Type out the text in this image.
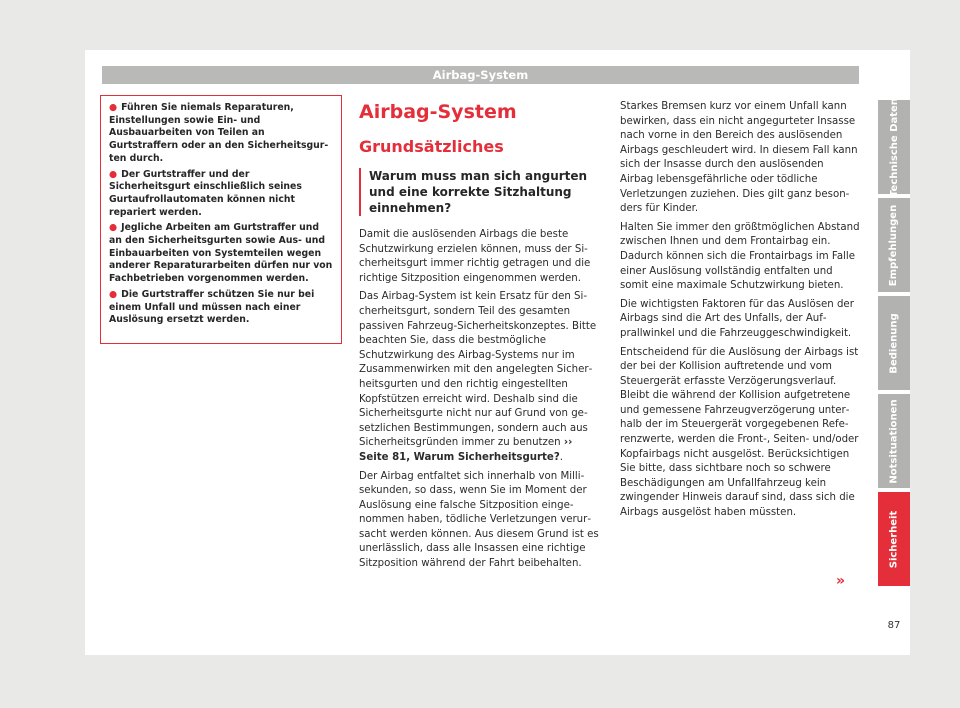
Airbag-System

● Führen Sie niemals Reparaturen, Einstellungen sowie Ein- und Ausbauarbeiten von Teilen an Gurtstraffern oder an den Sicherheitsgurten durch.

● Der Gurtstraffer und der Sicherheitsgurt einschließlich seines Gurtaufrollautomaten können nicht repariert werden.

● Jegliche Arbeiten am Gurtstraffer und an den Sicherheitsgurten sowie Aus- und Einbauarbeiten von Systemteilen wegen anderer Reparaturarbeiten dürfen nur von Fachbetrieben vorgenommen werden.

● Die Gurtstraffer schützen Sie nur bei einem Unfall und müssen nach einer Auslösung ersetzt werden.

Airbag-System
Grundsätzliches
Warum muss man sich angurten und eine korrekte Sitzhaltung einnehmen?

Damit die auslösenden Airbags die beste Schutzwirkung erzielen können, muss der Sicherheitsgurt immer richtig getragen und die richtige Sitzposition eingenommen werden.

Das Airbag-System ist kein Ersatz für den Sicherheitsgurt, sondern Teil des gesamten passiven Fahrzeug-Sicherheitskonzeptes. Bitte beachten Sie, dass die bestmögliche Schutzwirkung des Airbag-Systems nur im Zusammenwirken mit den angelegten Sicherheitsgurten und den richtig eingestellten Kopfstützen erreicht wird. Deshalb sind die Sicherheitsgurte nicht nur auf Grund von gesetzlichen Bestimmungen, sondern auch aus Sicherheitsgründen immer zu benutzen ›› Seite 81, Warum Sicherheitsgurte?.

Der Airbag entfaltet sich innerhalb von Millisekunden, so dass, wenn Sie im Moment der Auslösung eine falsche Sitzposition eingenommen haben, tödliche Verletzungen verursacht werden können. Aus diesem Grund ist es unerlässlich, dass alle Insassen eine richtige Sitzposition während der Fahrt beibehalten.

Starkes Bremsen kurz vor einem Unfall kann bewirken, dass ein nicht angegurteter Insasse nach vorne in den Bereich des auslösenden Airbags geschleudert wird. In diesem Fall kann sich der Insasse durch den auslösenden Airbag lebensgefährliche oder tödliche Verletzungen zuziehen. Dies gilt ganz besonders für Kinder.

Halten Sie immer den größtmöglichen Abstand zwischen Ihnen und dem Frontairbag ein. Dadurch können sich die Frontairbags im Falle einer Auslösung vollständig entfalten und somit eine maximale Schutzwirkung bieten.

Die wichtigsten Faktoren für das Auslösen der Airbags sind die Art des Unfalls, der Aufprallwinkel und die Fahrzeuggeschwindigkeit.

Entscheidend für die Auslösung der Airbags ist der bei der Kollision auftretende und vom Steuergerät erfasste Verzögerungsverlauf. Bleibt die während der Kollision aufgetretene und gemessene Fahrzeugverzögerung unterhalb der im Steuergerät vorgegebenen Referenzwerte, werden die Front-, Seiten- und/oder Kopfairbags nicht ausgelöst. Berücksichtigen Sie bitte, dass sichtbare noch so schwere Beschädigungen am Unfallfahrzeug kein zwingender Hinweis darauf sind, dass sich die Airbags ausgelöst haben müssten.

»
Technische Daten
Empfehlungen
Bedienung
Notsituationen
Sicherheit
87
